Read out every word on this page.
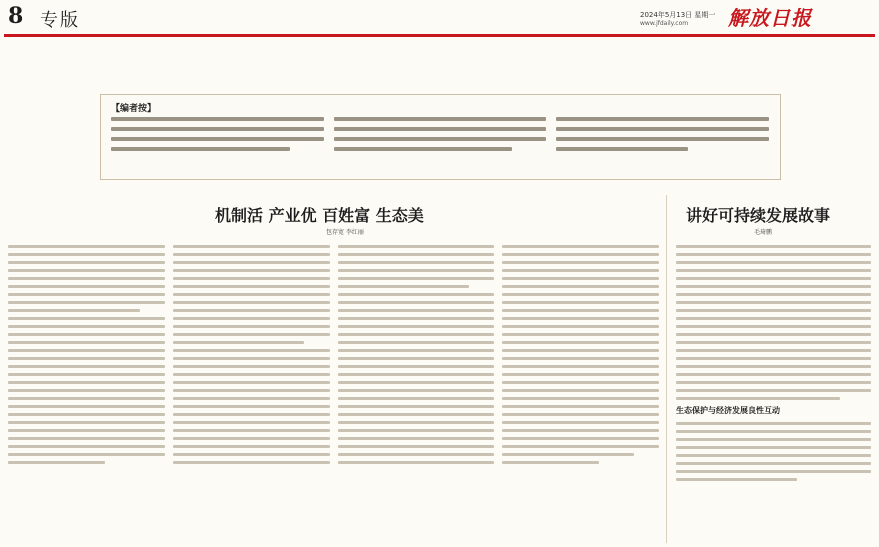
8 专版	2024年5月13日 星期一
www.jfdaily.com 解放日报
【编者按】
机制活 产业优 百姓富 生态美
包存宽 李红丽
讲好可持续发展故事
毛琦鹏
生态保护与经济发展良性互动
